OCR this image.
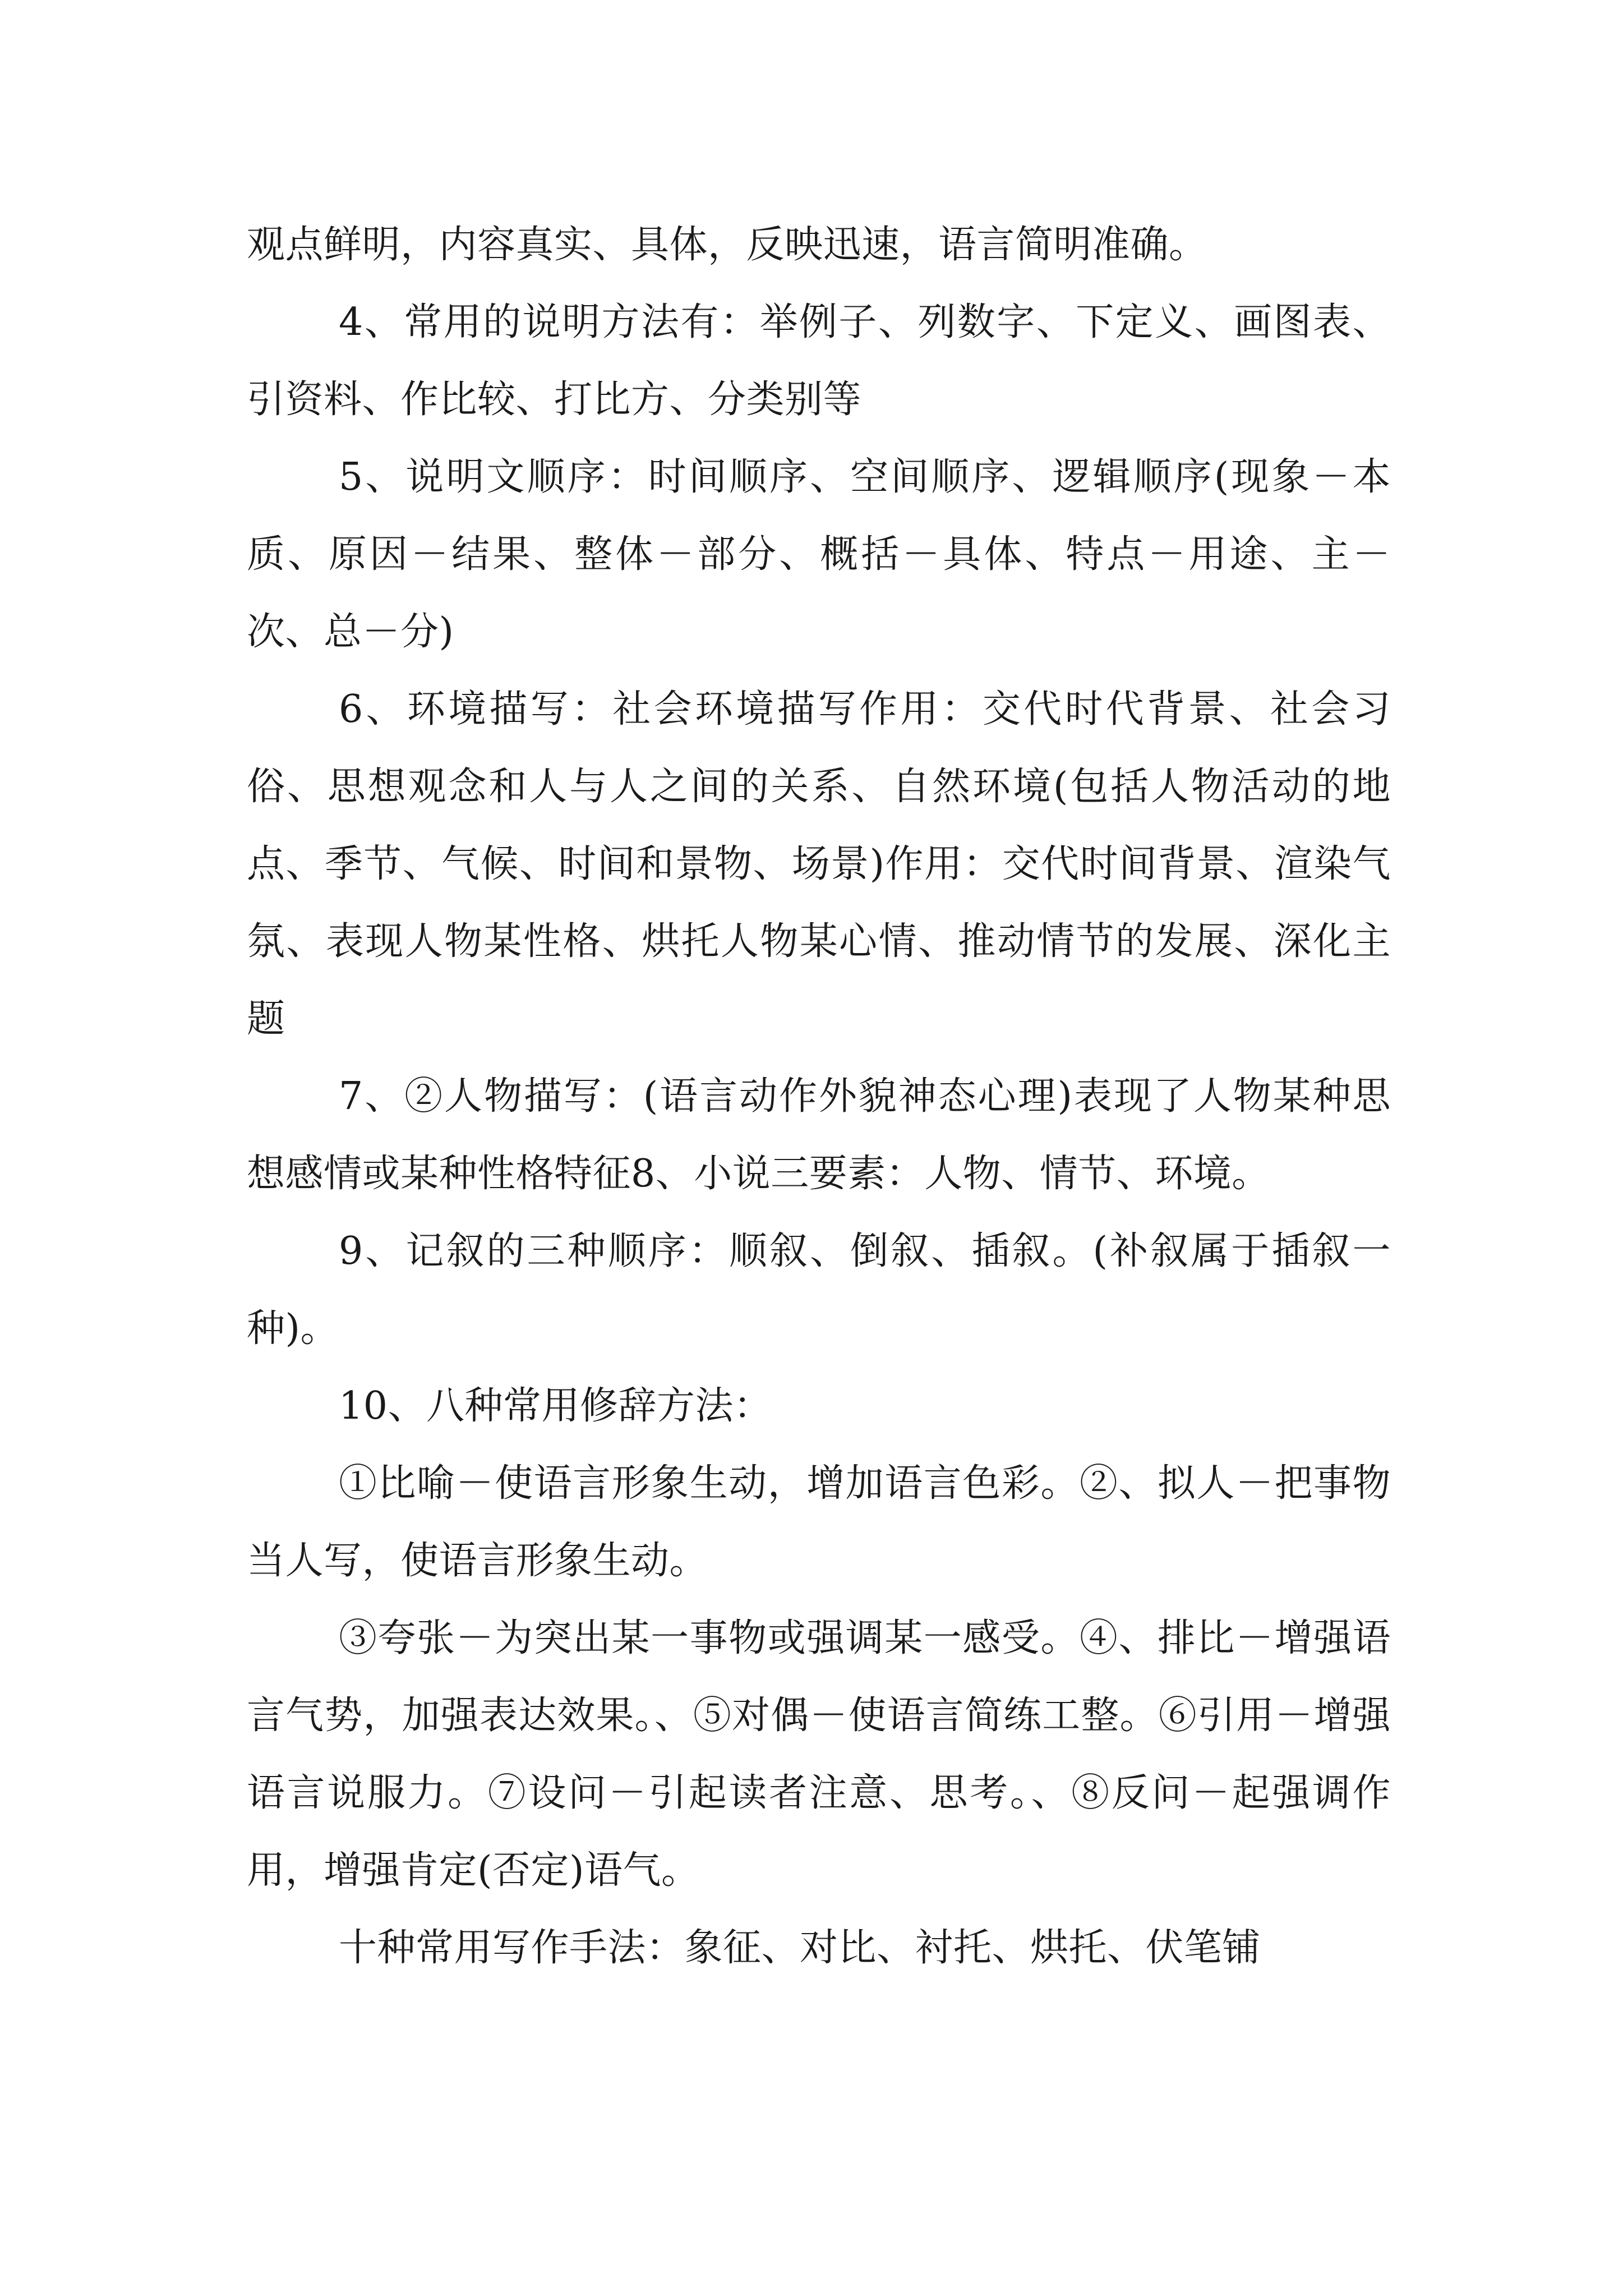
观点鲜明，内容真实、具体，反映迅速，语言简明准确。

4、常用的说明方法有：举例子、列数字、下定义、画图表、引资料、作比较、打比方、分类别等

5、说明文顺序：时间顺序、空间顺序、逻辑顺序(现象－本质、原因－结果、整体－部分、概括－具体、特点－用途、主－次、总－分)

6、环境描写：社会环境描写作用：交代时代背景、社会习俗、思想观念和人与人之间的关系、自然环境(包括人物活动的地点、季节、气候、时间和景物、场景)作用：交代时间背景、渲染气氛、表现人物某性格、烘托人物某心情、推动情节的发展、深化主题

7、②人物描写：(语言动作外貌神态心理)表现了人物某种思想感情或某种性格特征8、小说三要素：人物、情节、环境。

9、记叙的三种顺序：顺叙、倒叙、插叙。(补叙属于插叙一种)。

10、八种常用修辞方法：

①比喻－使语言形象生动，增加语言色彩。②、拟人－把事物当人写，使语言形象生动。

③夸张－为突出某一事物或强调某一感受。④、排比－增强语言气势，加强表达效果。、⑤对偶－使语言简练工整。⑥引用－增强语言说服力。⑦设问－引起读者注意、思考。、⑧反问－起强调作用，增强肯定(否定)语气。

十种常用写作手法：象征、对比、衬托、烘托、伏笔铺
